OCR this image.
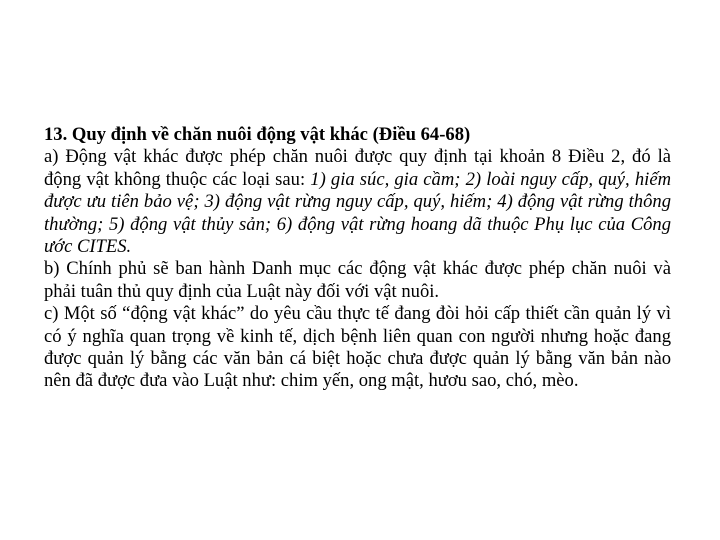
13. Quy định về chăn nuôi động vật khác (Điều 64-68)

a) Động vật khác được phép chăn nuôi được quy định tại khoản 8 Điều 2, đó là động vật không thuộc các loại sau: 1) gia súc, gia cầm; 2) loài nguy cấp, quý, hiếm được ưu tiên bảo vệ; 3) động vật rừng nguy cấp, quý, hiếm; 4) động vật rừng thông thường; 5) động vật thủy sản; 6) động vật rừng hoang dã thuộc Phụ lục của Công ước CITES.

b) Chính phủ sẽ ban hành Danh mục các động vật khác được phép chăn nuôi và phải tuân thủ quy định của Luật này đối với vật nuôi.

c) Một số “động vật khác” do yêu cầu thực tế đang đòi hỏi cấp thiết cần quản lý vì có ý nghĩa quan trọng về kinh tế, dịch bệnh liên quan con người nhưng hoặc đang được quản lý bằng các văn bản cá biệt hoặc chưa được quản lý bằng văn bản nào nên đã được đưa vào Luật như: chim yến, ong mật, hươu sao, chó, mèo.
